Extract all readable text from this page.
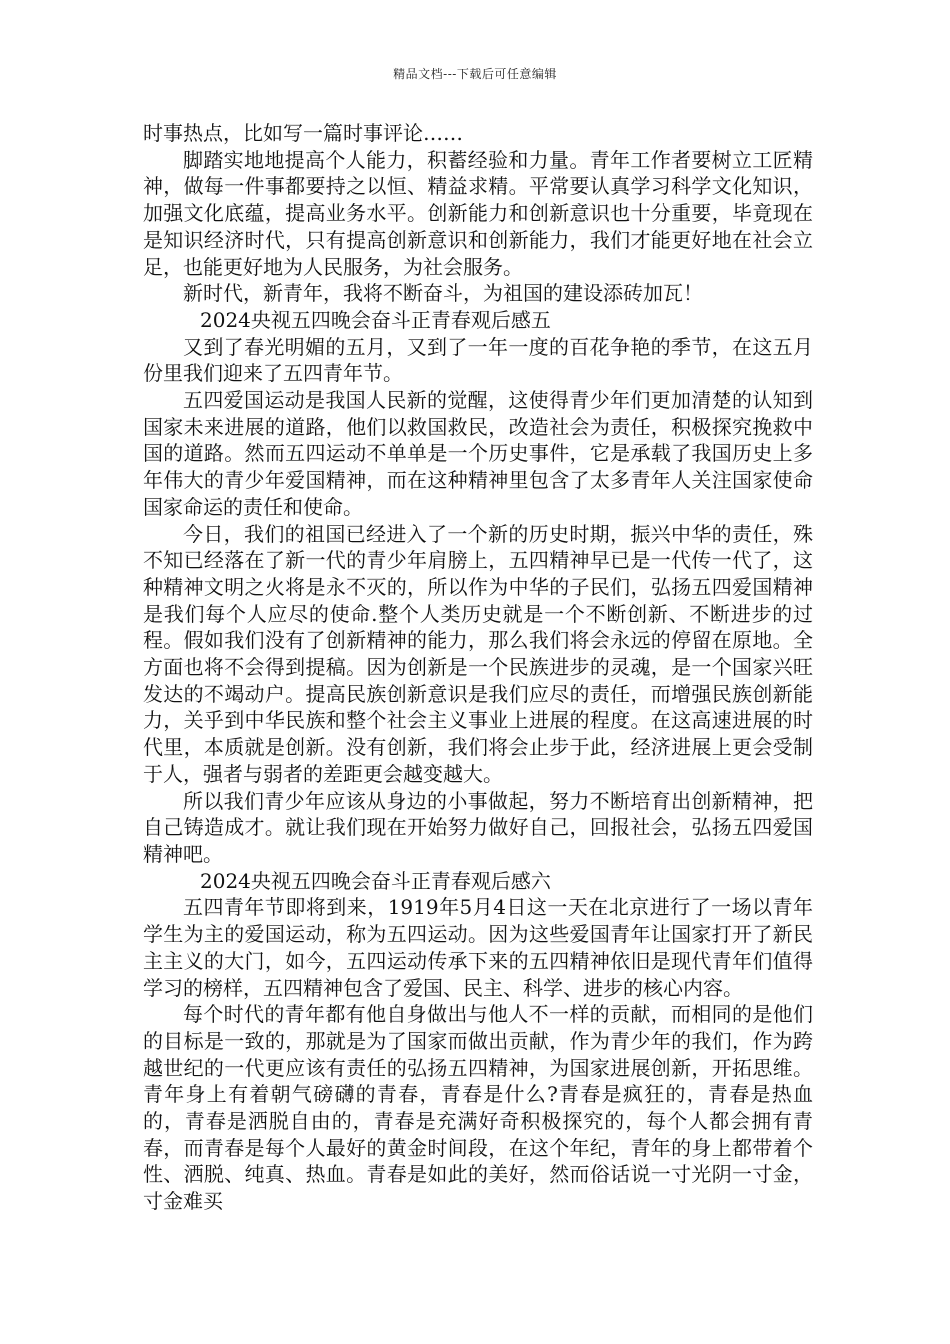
精品文档---下载后可任意编辑

时事热点，比如写一篇时事评论……

脚踏实地地提高个人能力，积蓄经验和力量。青年工作者要树立工匠精神，做每一件事都要持之以恒、精益求精。平常要认真学习科学文化知识，加强文化底蕴，提高业务水平。创新能力和创新意识也十分重要，毕竟现在是知识经济时代，只有提高创新意识和创新能力，我们才能更好地在社会立足，也能更好地为人民服务，为社会服务。

新时代，新青年，我将不断奋斗，为祖国的建设添砖加瓦！

2024央视五四晚会奋斗正青春观后感五

又到了春光明媚的五月，又到了一年一度的百花争艳的季节，在这五月份里我们迎来了五四青年节。

五四爱国运动是我国人民新的觉醒，这使得青少年们更加清楚的认知到国家未来进展的道路，他们以救国救民，改造社会为责任，积极探究挽救中国的道路。然而五四运动不单单是一个历史事件，它是承载了我国历史上多年伟大的青少年爱国精神，而在这种精神里包含了太多青年人关注国家使命国家命运的责任和使命。

今日，我们的祖国已经进入了一个新的历史时期，振兴中华的责任，殊不知已经落在了新一代的青少年肩膀上，五四精神早已是一代传一代了，这种精神文明之火将是永不灭的，所以作为中华的子民们，弘扬五四爱国精神是我们每个人应尽的使命.整个人类历史就是一个不断创新、不断进步的过程。假如我们没有了创新精神的能力，那么我们将会永远的停留在原地。全方面也将不会得到提稿。因为创新是一个民族进步的灵魂，是一个国家兴旺发达的不竭动户。提高民族创新意识是我们应尽的责任，而增强民族创新能力，关乎到中华民族和整个社会主义事业上进展的程度。在这高速进展的时代里，本质就是创新。没有创新，我们将会止步于此，经济进展上更会受制于人，强者与弱者的差距更会越变越大。

所以我们青少年应该从身边的小事做起，努力不断培育出创新精神，把自己铸造成才。就让我们现在开始努力做好自己，回报社会，弘扬五四爱国精神吧。

2024央视五四晚会奋斗正青春观后感六

五四青年节即将到来，1919年5月4日这一天在北京进行了一场以青年学生为主的爱国运动，称为五四运动。因为这些爱国青年让国家打开了新民主主义的大门，如今，五四运动传承下来的五四精神依旧是现代青年们值得学习的榜样，五四精神包含了爱国、民主、科学、进步的核心内容。

每个时代的青年都有他自身做出与他人不一样的贡献，而相同的是他们的目标是一致的，那就是为了国家而做出贡献，作为青少年的我们，作为跨越世纪的一代更应该有责任的弘扬五四精神，为国家进展创新，开拓思维。青年身上有着朝气磅礴的青春，青春是什么?青春是疯狂的，青春是热血的，青春是洒脱自由的，青春是充满好奇积极探究的，每个人都会拥有青春，而青春是每个人最好的黄金时间段，在这个年纪，青年的身上都带着个性、洒脱、纯真、热血。青春是如此的美好，然而俗话说一寸光阴一寸金，寸金难买
